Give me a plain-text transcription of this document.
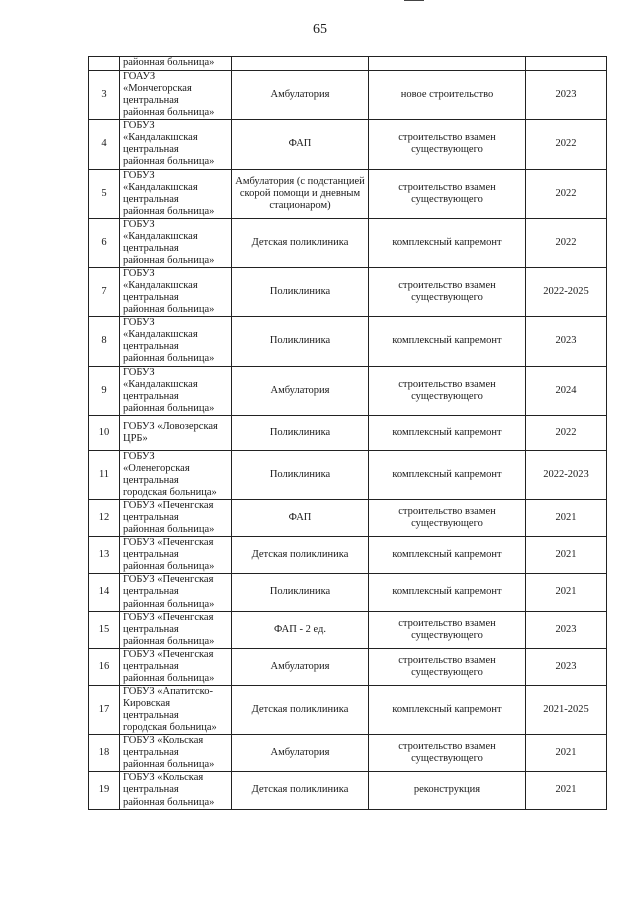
65

	районная больница»			

3	ГОАУЗ
«Мончегорская
центральная
районная больница»	Амбулатория	новое строительство	2023
4	ГОБУЗ
«Кандалакшская
центральная
районная больница»	ФАП	строительство взамен существующего	2022
5	ГОБУЗ
«Кандалакшская
центральная
районная больница»	Амбулатория (с подстанцией скорой помощи и дневным стационаром)	строительство взамен существующего	2022
6	ГОБУЗ
«Кандалакшская
центральная
районная больница»	Детская поликлиника	комплексный капремонт	2022
7	ГОБУЗ
«Кандалакшская
центральная
районная больница»	Поликлиника	строительство взамен существующего	2022-2025
8	ГОБУЗ
«Кандалакшская
центральная
районная больница»	Поликлиника	комплексный капремонт	2023
9	ГОБУЗ
«Кандалакшская
центральная
районная больница»	Амбулатория	строительство взамен существующего	2024
10	ГОБУЗ «Ловозерская
ЦРБ»	Поликлиника	комплексный капремонт	2022
11	ГОБУЗ
«Оленегорская
центральная
городская больница»	Поликлиника	комплексный капремонт	2022-2023
12	ГОБУЗ «Печенгская
центральная
районная больница»	ФАП	строительство взамен существующего	2021
13	ГОБУЗ «Печенгская
центральная
районная больница»	Детская поликлиника	комплексный капремонт	2021
14	ГОБУЗ «Печенгская
центральная
районная больница»	Поликлиника	комплексный капремонт	2021
15	ГОБУЗ «Печенгская
центральная
районная больница»	ФАП - 2 ед.	строительство взамен существующего	2023
16	ГОБУЗ «Печенгская
центральная
районная больница»	Амбулатория	строительство взамен существующего	2023
17	ГОБУЗ «Апатитско-
Кировская
центральная
городская больница»	Детская поликлиника	комплексный капремонт	2021-2025
18	ГОБУЗ «Кольская
центральная
районная больница»	Амбулатория	строительство взамен существующего	2021
19	ГОБУЗ «Кольская
центральная
районная больница»	Детская поликлиника	реконструкция	2021
